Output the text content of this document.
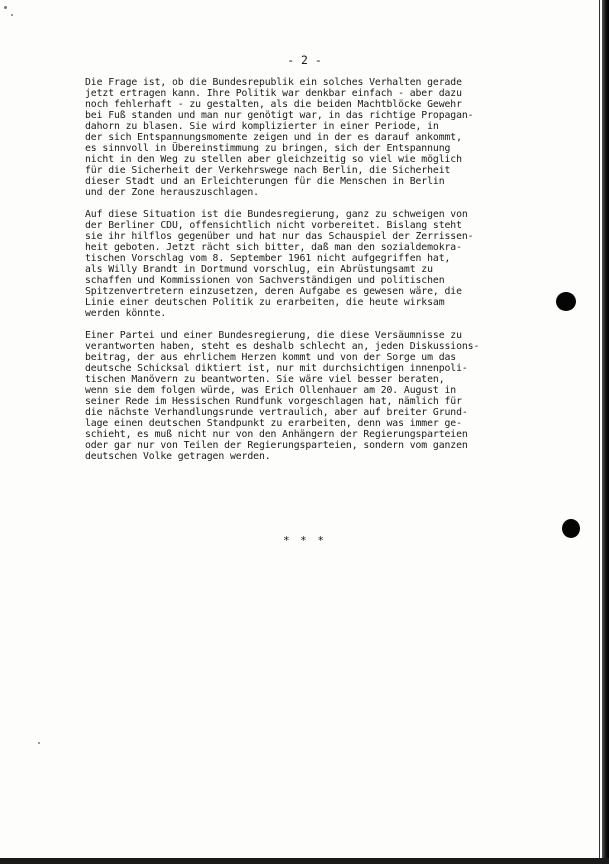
- 2 -
Die Frage ist, ob die Bundesrepublik ein solches Verhalten gerade
jetzt ertragen kann. Ihre Politik war denkbar einfach - aber dazu
noch fehlerhaft - zu gestalten, als die beiden Machtblöcke Gewehr
bei Fuß standen und man nur genötigt war, in das richtige Propagan-
dahorn zu blasen. Sie wird komplizierter in einer Periode, in
der sich Entspannungsmomente zeigen und in der es darauf ankommt,
es sinnvoll in Übereinstimmung zu bringen, sich der Entspannung
nicht in den Weg zu stellen aber gleichzeitig so viel wie möglich
für die Sicherheit der Verkehrswege nach Berlin, die Sicherheit
dieser Stadt und an Erleichterungen für die Menschen in Berlin
und der Zone herauszuschlagen.
Auf diese Situation ist die Bundesregierung, ganz zu schweigen von
der Berliner CDU, offensichtlich nicht vorbereitet. Bislang steht
sie ihr hilflos gegenüber und hat nur das Schauspiel der Zerrissen-
heit geboten. Jetzt rächt sich bitter, daß man den sozialdemokra-
tischen Vorschlag vom 8. September 1961 nicht aufgegriffen hat,
als Willy Brandt in Dortmund vorschlug, ein Abrüstungsamt zu
schaffen und Kommissionen von Sachverständigen und politischen
Spitzenvertretern einzusetzen, deren Aufgabe es gewesen wäre, die
Linie einer deutschen Politik zu erarbeiten, die heute wirksam
werden könnte.
Einer Partei und einer Bundesregierung, die diese Versäumnisse zu
verantworten haben, steht es deshalb schlecht an, jeden Diskussions-
beitrag, der aus ehrlichem Herzen kommt und von der Sorge um das
deutsche Schicksal diktiert ist, nur mit durchsichtigen innenpoli-
tischen Manövern zu beantworten. Sie wäre viel besser beraten,
wenn sie dem folgen würde, was Erich Ollenhauer am 20. August in
seiner Rede im Hessischen Rundfunk vorgeschlagen hat, nämlich für
die nächste Verhandlungsrunde vertraulich, aber auf breiter Grund-
lage einen deutschen Standpunkt zu erarbeiten, denn was immer ge-
schieht, es muß nicht nur von den Anhängern der Regierungsparteien
oder gar nur von Teilen der Regierungsparteien, sondern vom ganzen
deutschen Volke getragen werden.
* * *
